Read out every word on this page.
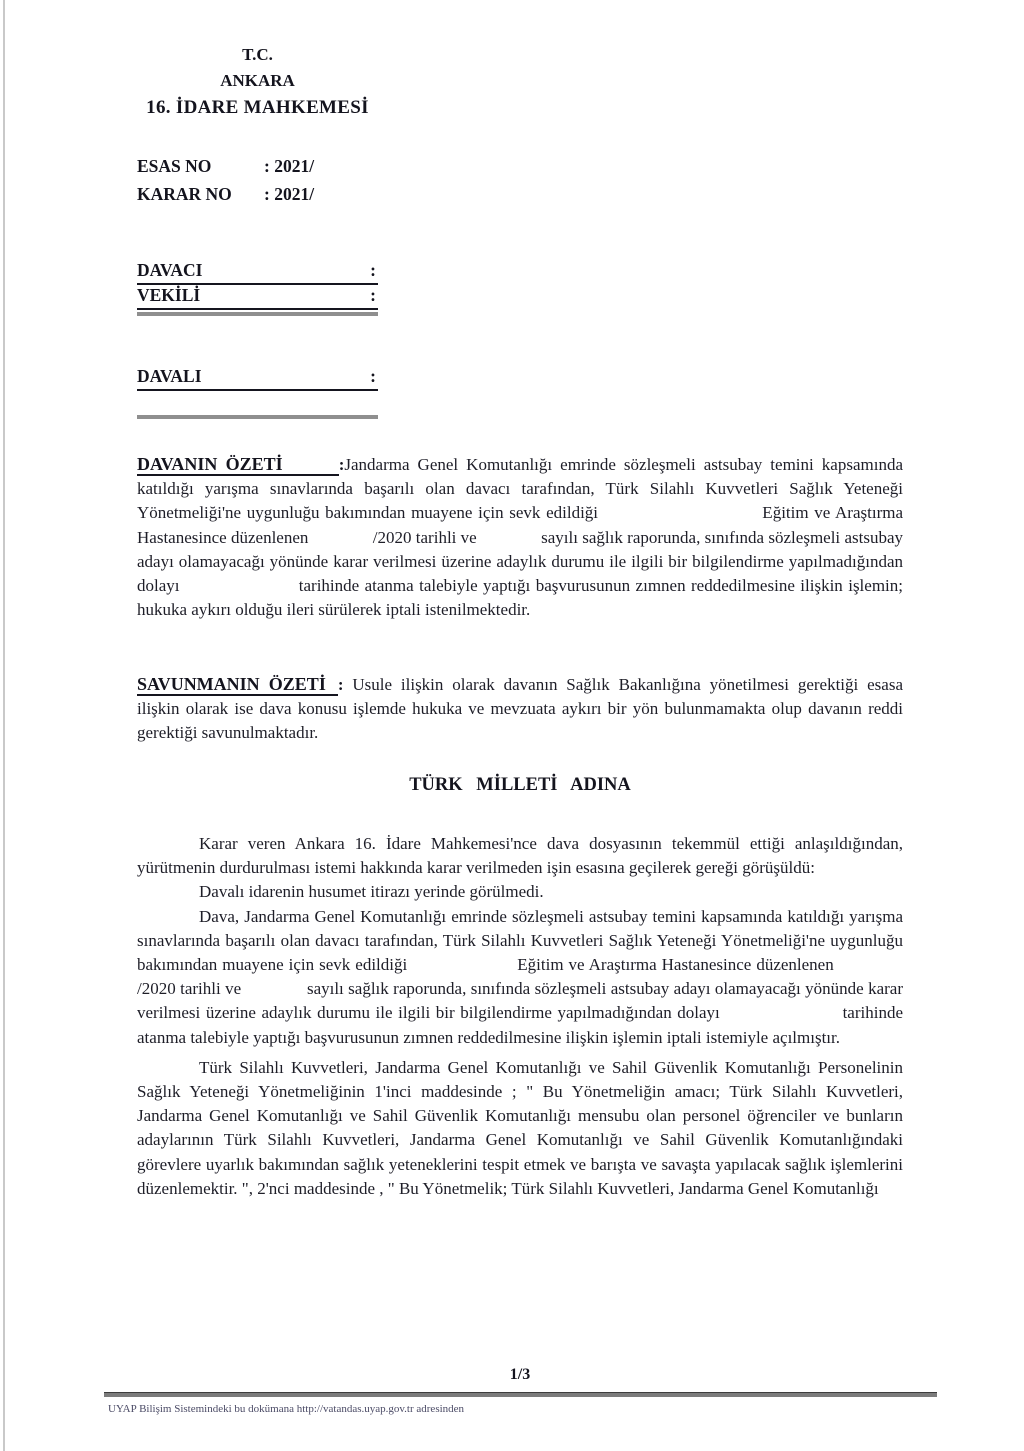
T.C.
ANKARA
16. İDARE MAHKEMESİ
ESAS NO	: 2021/
KARAR NO : 2021/
DAVACI	:
VEKİLİ	:
DAVALI	:
DAVANIN ÖZETİ	:Jandarma Genel Komutanlığı emrinde sözleşmeli astsubay temini kapsamında katıldığı yarışma sınavlarında başarılı olan davacı tarafından, Türk Silahlı Kuvvetleri Sağlık Yeteneği Yönetmeliği'ne uygunluğu bakımından muayene için sevk edildiği                             Eğitim ve Araştırma Hastanesince düzenlenen               /2020 tarihli ve               sayılı sağlık raporunda, sınıfında sözleşmeli astsubay adayı olamayacağı yönünde karar verilmesi üzerine adaylık durumu ile ilgili bir bilgilendirme yapılmadığından dolayı                      tarihinde atanma talebiyle yaptığı başvurusunun zımnen reddedilmesine ilişkin işlemin; hukuka aykırı olduğu ileri sürülerek iptali istenilmektedir.
SAVUNMANIN ÖZETİ : Usule ilişkin olarak davanın Sağlık Bakanlığına yönetilmesi gerektiği esasa ilişkin olarak ise dava konusu işlemde hukuka ve mevzuata aykırı bir yön bulunmamakta olup davanın reddi gerektiği savunulmaktadır.
TÜRK MİLLETİ ADINA

Karar veren Ankara 16. İdare Mahkemesi'nce dava dosyasının tekemmül ettiği anlaşıldığından, yürütmenin durdurulması istemi hakkında karar verilmeden işin esasına geçilerek gereği görüşüldü:

Davalı idarenin husumet itirazı yerinde görülmedi.

Dava, Jandarma Genel Komutanlığı emrinde sözleşmeli astsubay temini kapsamında katıldığı yarışma sınavlarında başarılı olan davacı tarafından, Türk Silahlı Kuvvetleri Sağlık Yeteneği Yönetmeliği'ne uygunluğu bakımından muayene için sevk edildiği                      Eğitim ve Araştırma Hastanesince düzenlenen               /2020 tarihli ve               sayılı sağlık raporunda, sınıfında sözleşmeli astsubay adayı olamayacağı yönünde karar verilmesi üzerine adaylık durumu ile ilgili bir bilgilendirme yapılmadığından dolayı                      tarihinde atanma talebiyle yaptığı başvurusunun zımnen reddedilmesine ilişkin işlemin iptali istemiyle açılmıştır.

Türk Silahlı Kuvvetleri, Jandarma Genel Komutanlığı ve Sahil Güvenlik Komutanlığı Personelinin Sağlık Yeteneği Yönetmeliğinin 1'inci maddesinde ; " Bu Yönetmeliğin amacı; Türk Silahlı Kuvvetleri, Jandarma Genel Komutanlığı ve Sahil Güvenlik Komutanlığı mensubu olan personel öğrenciler ve bunların adaylarının Türk Silahlı Kuvvetleri, Jandarma Genel Komutanlığı ve Sahil Güvenlik Komutanlığındaki görevlere uyarlık bakımından sağlık yeteneklerini tespit etmek ve barışta ve savaşta yapılacak sağlık işlemlerini düzenlemektir. ", 2'nci maddesinde , " Bu Yönetmelik; Türk Silahlı Kuvvetleri, Jandarma Genel Komutanlığı

1/3
UYAP Bilişim Sistemindeki bu dokümana http://vatandas.uyap.gov.tr adresinden
